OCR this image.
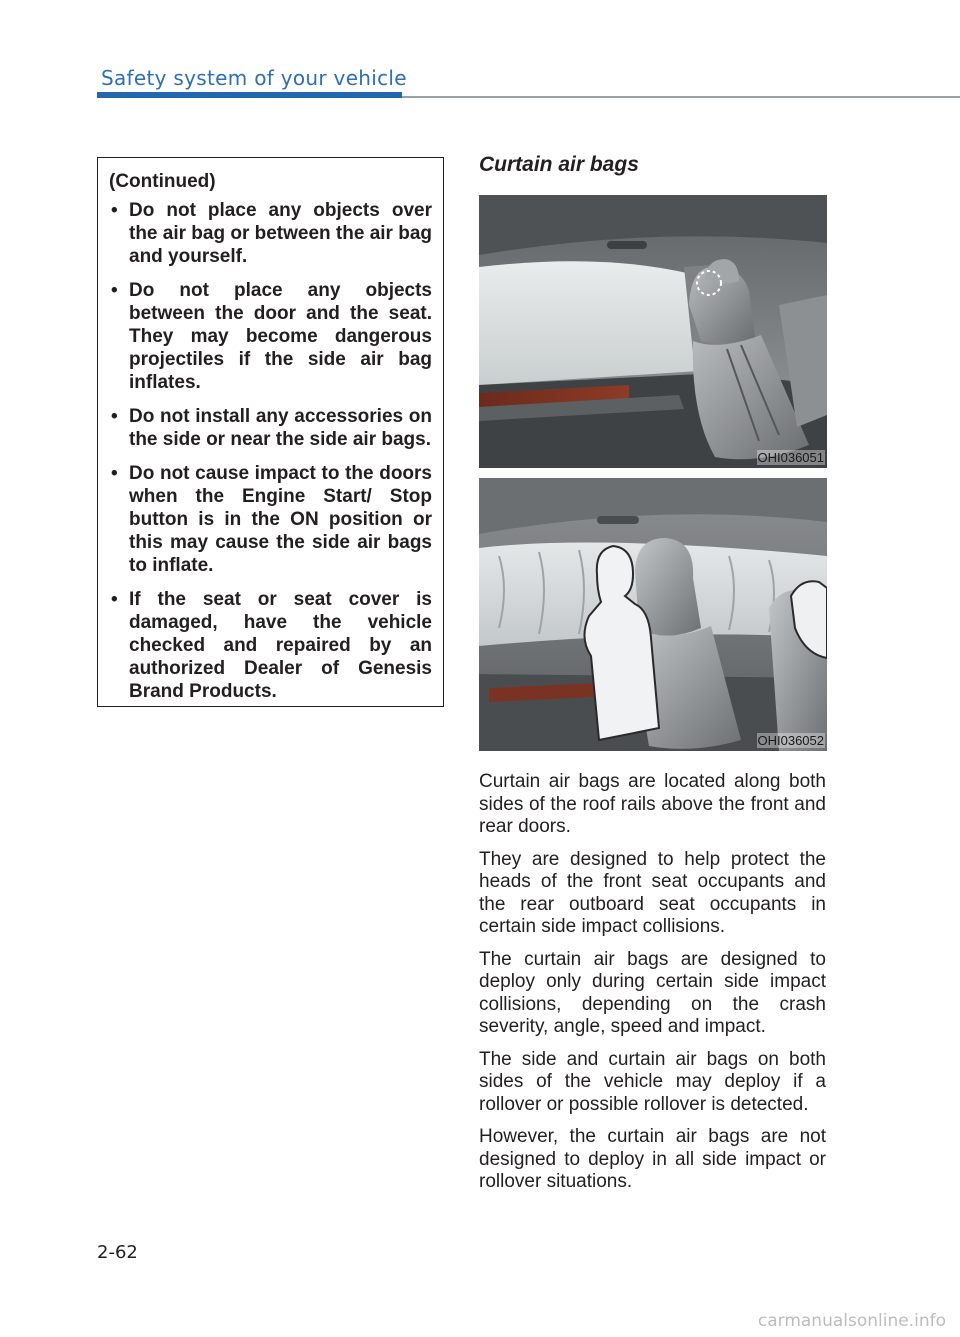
Safety system of your vehicle

(Continued)

• Do not place any objects over the air bag or between the air bag and yourself.
• Do not place any objects between the door and the seat. They may become dangerous projectiles if the side air bag inflates.
• Do not install any accessories on the side or near the side air bags.
• Do not cause impact to the doors when the Engine Start/ Stop button is in the ON position or this may cause the side air bags to inflate.
• If the seat or seat cover is damaged, have the vehicle checked and repaired by an authorized Dealer of Genesis Brand Products.
Curtain air bags
OHI036051
OHI036052

Curtain air bags are located along both sides of the roof rails above the front and rear doors.

They are designed to help protect the heads of the front seat occupants and the rear outboard seat occupants in certain side impact collisions.

The curtain air bags are designed to deploy only during certain side impact collisions, depending on the crash severity, angle, speed and impact.

The side and curtain air bags on both sides of the vehicle may deploy if a rollover or possible rollover is detected.

However, the curtain air bags are not designed to deploy in all side impact or rollover situations.

2-62
carmanualsonline.info
